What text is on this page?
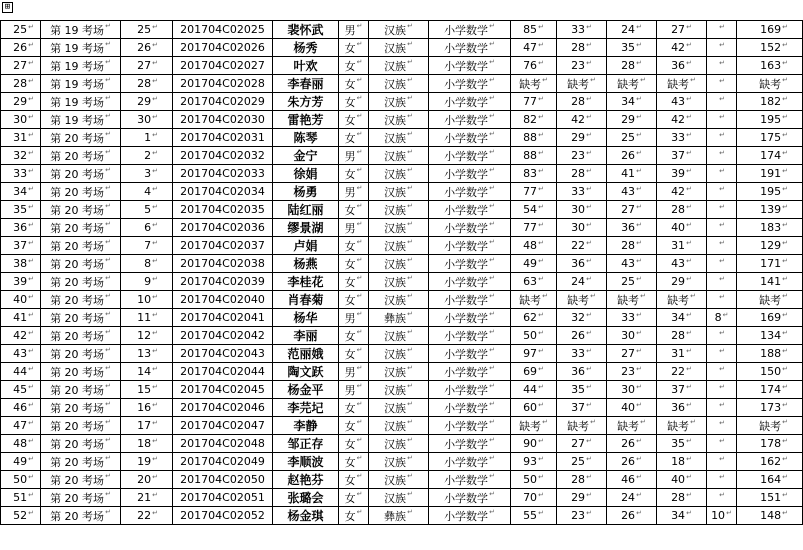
⊞
25 ↵	第 19 考场 ↵	25 ↵	201704C02025	裴怀武	男 ↵	汉族 ↵	小学数学 ↵	85 ↵	33 ↵	24 ↵	27 ↵	↵	169 ↵
26 ↵	第 19 考场 ↵	26 ↵	201704C02026	杨秀	女 ↵	汉族 ↵	小学数学 ↵	47 ↵	28 ↵	35 ↵	42 ↵	↵	152 ↵
27 ↵	第 19 考场 ↵	27 ↵	201704C02027	叶欢	女 ↵	汉族 ↵	小学数学 ↵	76 ↵	23 ↵	28 ↵	36 ↵	↵	163 ↵
28 ↵	第 19 考场 ↵	28 ↵	201704C02028	李春丽	女 ↵	汉族 ↵	小学数学 ↵	缺考 ↵	缺考 ↵	缺考 ↵	缺考 ↵	↵	缺考 ↵
29 ↵	第 19 考场 ↵	29 ↵	201704C02029	朱方芳	女 ↵	汉族 ↵	小学数学 ↵	77 ↵	28 ↵	34 ↵	43 ↵	↵	182 ↵
30 ↵	第 19 考场 ↵	30 ↵	201704C02030	雷艳芳	女 ↵	汉族 ↵	小学数学 ↵	82 ↵	42 ↵	29 ↵	42 ↵	↵	195 ↵
31 ↵	第 20 考场 ↵	1 ↵	201704C02031	陈琴	女 ↵	汉族 ↵	小学数学 ↵	88 ↵	29 ↵	25 ↵	33 ↵	↵	175 ↵
32 ↵	第 20 考场 ↵	2 ↵	201704C02032	金宁	男 ↵	汉族 ↵	小学数学 ↵	88 ↵	23 ↵	26 ↵	37 ↵	↵	174 ↵
33 ↵	第 20 考场 ↵	3 ↵	201704C02033	徐娟	女 ↵	汉族 ↵	小学数学 ↵	83 ↵	28 ↵	41 ↵	39 ↵	↵	191 ↵
34 ↵	第 20 考场 ↵	4 ↵	201704C02034	杨勇	男 ↵	汉族 ↵	小学数学 ↵	77 ↵	33 ↵	43 ↵	42 ↵	↵	195 ↵
35 ↵	第 20 考场 ↵	5 ↵	201704C02035	陆红丽	女 ↵	汉族 ↵	小学数学 ↵	54 ↵	30 ↵	27 ↵	28 ↵	↵	139 ↵
36 ↵	第 20 考场 ↵	6 ↵	201704C02036	缪景湖	男 ↵	汉族 ↵	小学数学 ↵	77 ↵	30 ↵	36 ↵	40 ↵	↵	183 ↵
37 ↵	第 20 考场 ↵	7 ↵	201704C02037	卢娟	女 ↵	汉族 ↵	小学数学 ↵	48 ↵	22 ↵	28 ↵	31 ↵	↵	129 ↵
38 ↵	第 20 考场 ↵	8 ↵	201704C02038	杨燕	女 ↵	汉族 ↵	小学数学 ↵	49 ↵	36 ↵	43 ↵	43 ↵	↵	171 ↵
39 ↵	第 20 考场 ↵	9 ↵	201704C02039	李桂花	女 ↵	汉族 ↵	小学数学 ↵	63 ↵	24 ↵	25 ↵	29 ↵	↵	141 ↵
40 ↵	第 20 考场 ↵	10 ↵	201704C02040	肖春菊	女 ↵	汉族 ↵	小学数学 ↵	缺考 ↵	缺考 ↵	缺考 ↵	缺考 ↵	↵	缺考 ↵
41 ↵	第 20 考场 ↵	11 ↵	201704C02041	杨华	男 ↵	彝族 ↵	小学数学 ↵	62 ↵	32 ↵	33 ↵	34 ↵	8 ↵	169 ↵
42 ↵	第 20 考场 ↵	12 ↵	201704C02042	李丽	女 ↵	汉族 ↵	小学数学 ↵	50 ↵	26 ↵	30 ↵	28 ↵	↵	134 ↵
43 ↵	第 20 考场 ↵	13 ↵	201704C02043	范丽娥	女 ↵	汉族 ↵	小学数学 ↵	97 ↵	33 ↵	27 ↵	31 ↵	↵	188 ↵
44 ↵	第 20 考场 ↵	14 ↵	201704C02044	陶文跃	男 ↵	汉族 ↵	小学数学 ↵	69 ↵	36 ↵	23 ↵	22 ↵	↵	150 ↵
45 ↵	第 20 考场 ↵	15 ↵	201704C02045	杨金平	男 ↵	汉族 ↵	小学数学 ↵	44 ↵	35 ↵	30 ↵	37 ↵	↵	174 ↵
46 ↵	第 20 考场 ↵	16 ↵	201704C02046	李芫圮	女 ↵	汉族 ↵	小学数学 ↵	60 ↵	37 ↵	40 ↵	36 ↵	↵	173 ↵
47 ↵	第 20 考场 ↵	17 ↵	201704C02047	李静	女 ↵	汉族 ↵	小学数学 ↵	缺考 ↵	缺考 ↵	缺考 ↵	缺考 ↵	↵	缺考 ↵
48 ↵	第 20 考场 ↵	18 ↵	201704C02048	邹正存	女 ↵	汉族 ↵	小学数学 ↵	90 ↵	27 ↵	26 ↵	35 ↵	↵	178 ↵
49 ↵	第 20 考场 ↵	19 ↵	201704C02049	李顺波	女 ↵	汉族 ↵	小学数学 ↵	93 ↵	25 ↵	26 ↵	18 ↵	↵	162 ↵
50 ↵	第 20 考场 ↵	20 ↵	201704C02050	赵艳芬	女 ↵	汉族 ↵	小学数学 ↵	50 ↵	28 ↵	46 ↵	40 ↵	↵	164 ↵
51 ↵	第 20 考场 ↵	21 ↵	201704C02051	张璐会	女 ↵	汉族 ↵	小学数学 ↵	70 ↵	29 ↵	24 ↵	28 ↵	↵	151 ↵
52 ↵	第 20 考场 ↵	22 ↵	201704C02052	杨金琪	女 ↵	彝族 ↵	小学数学 ↵	55 ↵	23 ↵	26 ↵	34 ↵	10 ↵	148 ↵
